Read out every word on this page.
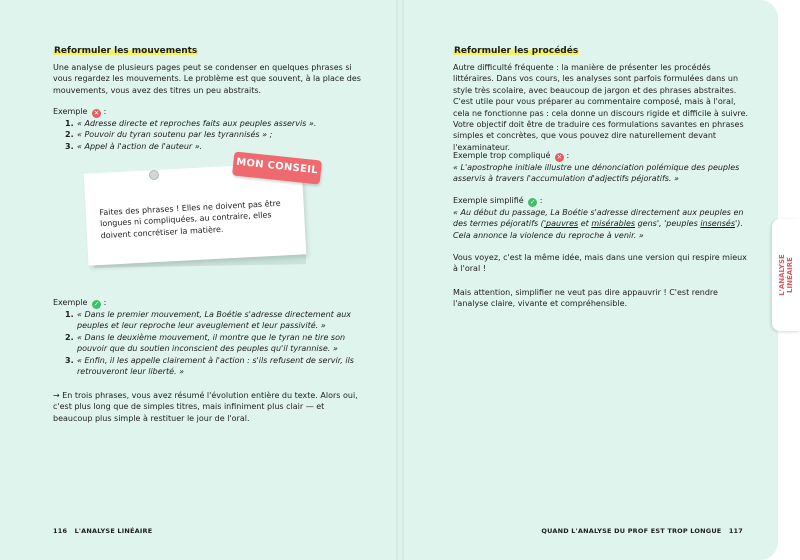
Reformuler les mouvements

Une analyse de plusieurs pages peut se condenser en quelques phrases si vous regardez les mouvements. Le problème est que souvent, à la place des mouvements, vous avez des titres un peu abstraits.

Exemple ✕ :
1. « Adresse directe et reproches faits aux peuples asservis ».
2. « Pouvoir du tyran soutenu par les tyrannisés » ;
3. « Appel à l'action de l'auteur ».

Faites des phrases ! Elles ne doivent pas être longues ni compliquées, au contraire, elles doivent concrétiser la matière.

MON CONSEIL
Exemple ✓ :
1. « Dans le premier mouvement, La Boétie s'adresse directement aux peuples et leur reproche leur aveuglement et leur passivité. »
2. « Dans le deuxième mouvement, il montre que le tyran ne tire son pouvoir que du soutien inconscient des peuples qu'il tyrannise. »
3. « Enfin, il les appelle clairement à l'action : s'ils refusent de servir, ils retrouveront leur liberté. »

→ En trois phrases, vous avez résumé l'évolution entière du texte. Alors oui, c'est plus long que de simples titres, mais infiniment plus clair — et beaucoup plus simple à restituer le jour de l'oral.

116 L'ANALYSE LINÉAIRE
Reformuler les procédés

Autre difficulté fréquente : la manière de présenter les procédés littéraires. Dans vos cours, les analyses sont parfois formulées dans un style très scolaire, avec beaucoup de jargon et des phrases abstraites. C'est utile pour vous préparer au commentaire composé, mais à l'oral, cela ne fonctionne pas : cela donne un discours rigide et difficile à suivre. Votre objectif doit être de traduire ces formulations savantes en phrases simples et concrètes, que vous pouvez dire naturellement devant l'examinateur.

Exemple trop compliqué ✕ :

« L'apostrophe initiale illustre une dénonciation polémique des peuples asservis à travers l'accumulation d'adjectifs péjoratifs. »

Exemple simplifié ✓ :

« Au début du passage, La Boétie s'adresse directement aux peuples en des termes péjoratifs ('pauvres et misérables gens', 'peuples insensés'). Cela annonce la violence du reproche à venir. »

Vous voyez, c'est la même idée, mais dans une version qui respire mieux à l'oral !

Mais attention, simplifier ne veut pas dire appauvrir ! C'est rendre l'analyse claire, vivante et compréhensible.

QUAND L'ANALYSE DU PROF EST TROP LONGUE 117
L'ANALYSE LINÉAIRE
